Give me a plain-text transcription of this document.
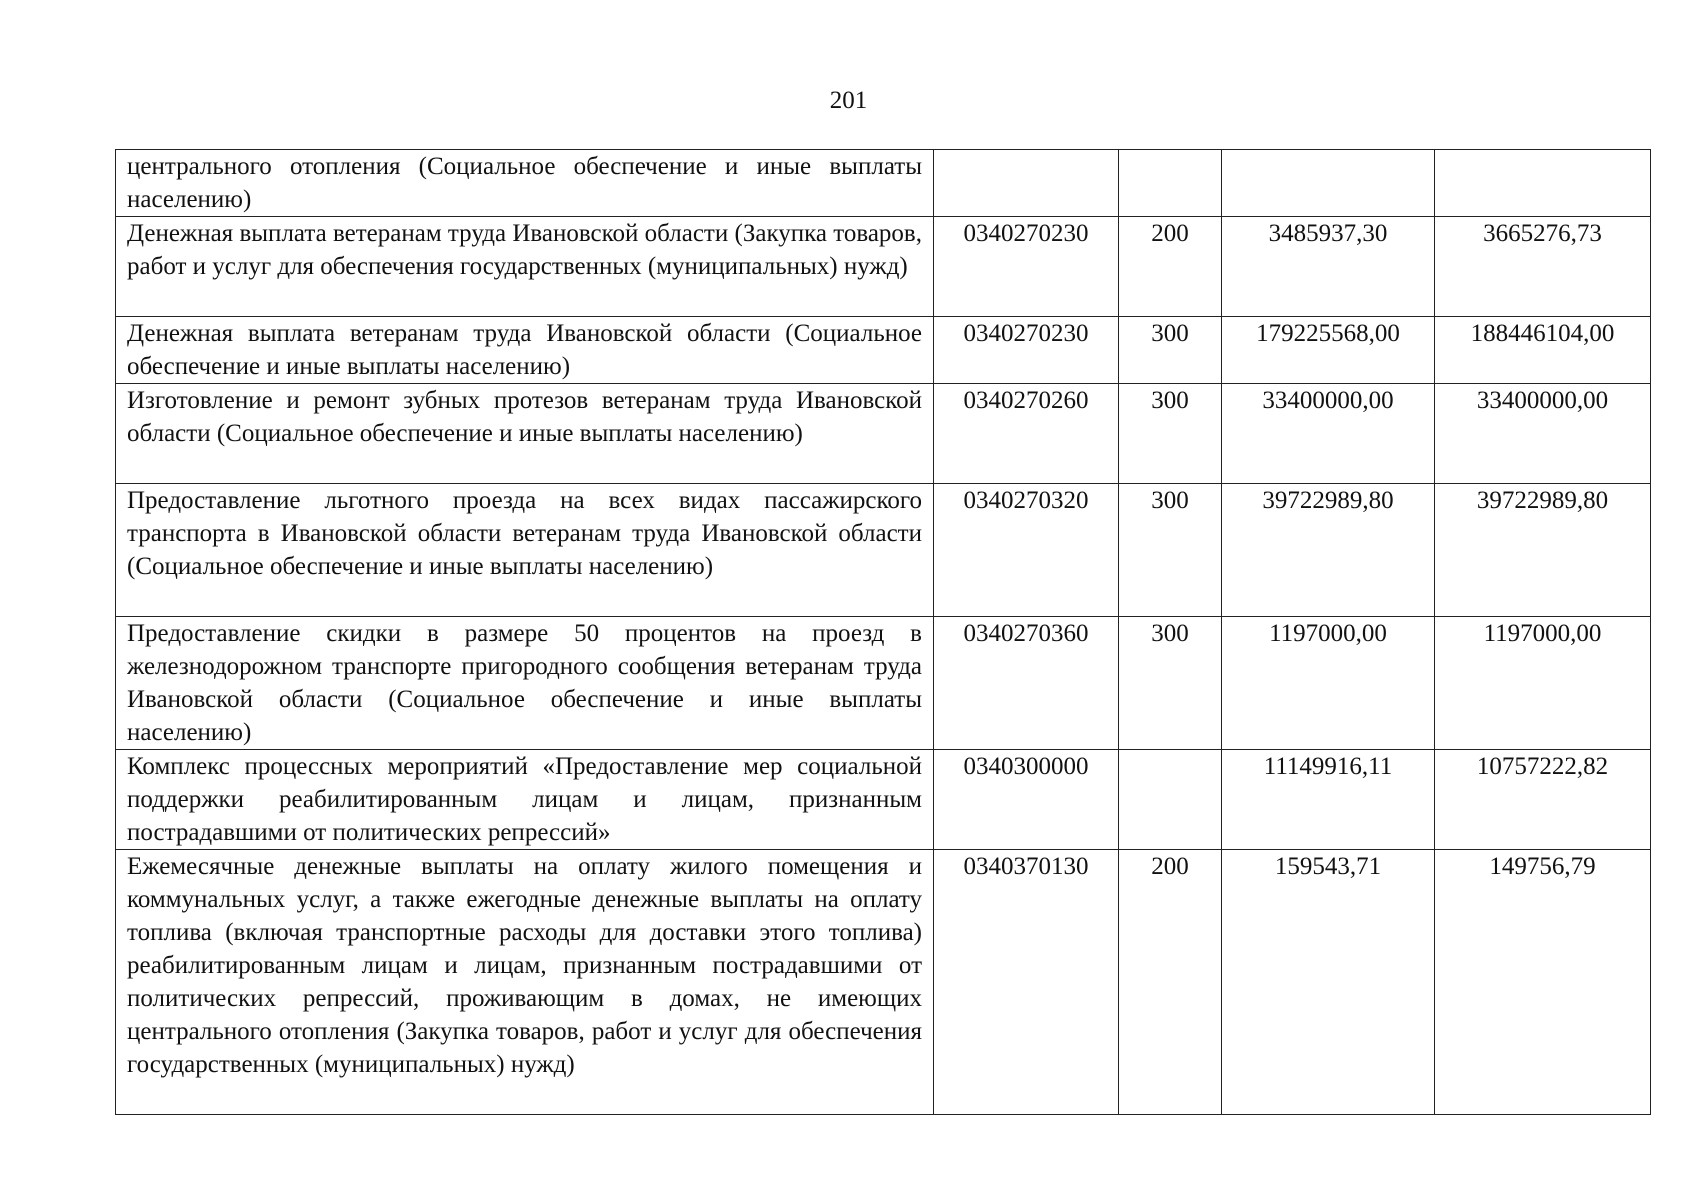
201
центрального отопления (Социальное обеспечение и иные выплаты населению)				
Денежная выплата ветеранам труда Ивановской области (Закупка товаров, работ и услуг для обеспечения государственных (муниципальных) нужд)	0340270230	200	3485937,30	3665276,73
Денежная выплата ветеранам труда Ивановской области (Социальное обеспечение и иные выплаты населению)	0340270230	300	179225568,00	188446104,00
Изготовление и ремонт зубных протезов ветеранам труда Ивановской области (Социальное обеспечение и иные выплаты населению)	0340270260	300	33400000,00	33400000,00
Предоставление льготного проезда на всех видах пассажирского транспорта в Ивановской области ветеранам труда Ивановской области (Социальное обеспечение и иные выплаты населению)	0340270320	300	39722989,80	39722989,80
Предоставление скидки в размере 50 процентов на проезд в железнодорожном транспорте пригородного сообщения ветеранам труда Ивановской области (Социальное обеспечение и иные выплаты населению)	0340270360	300	1197000,00	1197000,00
Комплекс процессных мероприятий «Предоставление мер социальной поддержки реабилитированным лицам и лицам, признанным пострадавшими от политических репрессий»	0340300000		11149916,11	10757222,82
Ежемесячные денежные выплаты на оплату жилого помещения и коммунальных услуг, а также ежегодные денежные выплаты на оплату топлива (включая транспортные расходы для доставки этого топлива) реабилитированным лицам и лицам, признанным пострадавшими от политических репрессий, проживающим в домах, не имеющих центрального отопления (Закупка товаров, работ и услуг для обеспечения государственных (муниципальных) нужд)	0340370130	200	159543,71	149756,79
